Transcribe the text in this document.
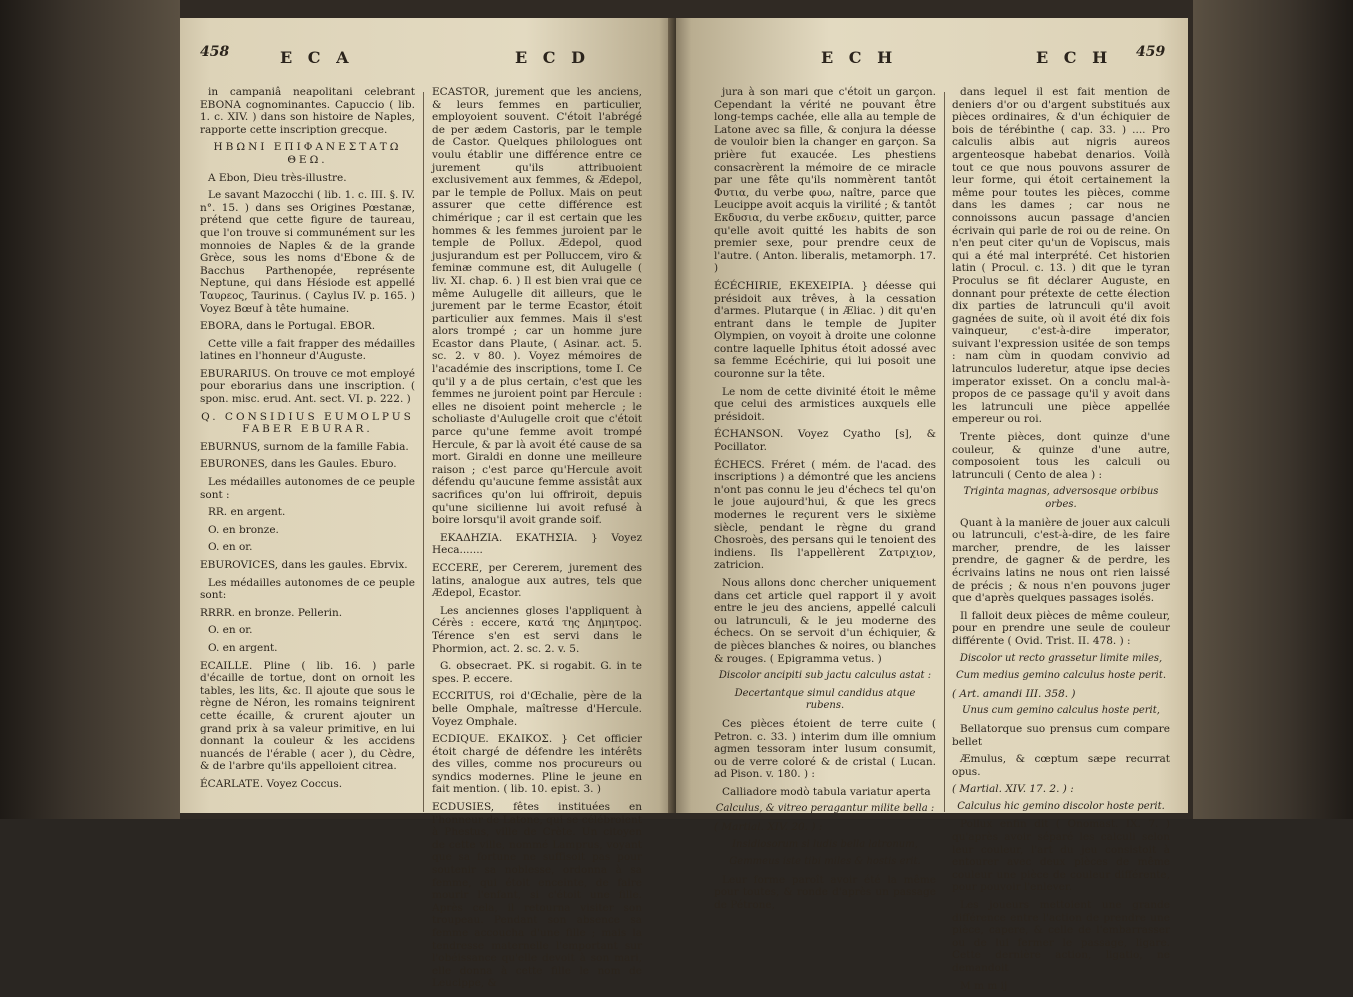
458	E C A	E C D

in campaniâ neapolitani celebrant EBONA cognominantes. Capuccio ( lib. 1. c. XIV. ) dans son histoire de Naples, rapporte cette inscription grecque.

ΗΒΩΝΙ ΕΠΙΦΑΝΕΣΤΑΤΩ ΘΕΩ.

A Ebon, Dieu très-illustre.

Le savant Mazocchi ( lib. 1. c. III. §. IV. n°. 15. ) dans ses Origines Pœstanæ, prétend que cette figure de taureau, que l'on trouve si communément sur les monnoies de Naples & de la grande Grèce, sous les noms d'Ebone & de Bacchus Parthenopée, représente Neptune, qui dans Hésiode est appellé Ταυρεος, Taurinus. ( Caylus IV. p. 165. ) Voyez Bœuf à tête humaine.

EBORA, dans le Portugal. EBOR.

Cette ville a fait frapper des médailles latines en l'honneur d'Auguste.

EBURARIUS. On trouve ce mot employé pour eborarius dans une inscription. ( spon. misc. erud. Ant. sect. VI. p. 222. )

Q. CONSIDIUS EUMOLPUS FABER EBURAR.

EBURNUS, surnom de la famille Fabia.

EBURONES, dans les Gaules. Eburo.

Les médailles autonomes de ce peuple sont :

RR. en argent.

O. en bronze.

O. en or.

EBUROVICES, dans les gaules. Ebrvix.

Les médailles autonomes de ce peuple sont:

RRRR. en bronze. Pellerin.

O. en or.

O. en argent.

ECAILLE. Pline ( lib. 16. ) parle d'écaille de tortue, dont on ornoit les tables, les lits, &c. Il ajoute que sous le règne de Néron, les romains teignirent cette écaille, & crurent ajouter un grand prix à sa valeur primitive, en lui donnant la couleur & les accidens nuancés de l'érable ( acer ), du Cèdre, & de l'arbre qu'ils appelloient citrea.

ÉCARLATE. Voyez Coccus.

ECASTOR, jurement que les anciens, & leurs femmes en particulier, employoient souvent. C'étoit l'abrégé de per ædem Castoris, par le temple de Castor. Quelques philologues ont voulu établir une différence entre ce jurement qu'ils attribuoient exclusivement aux femmes, & Ædepol, par le temple de Pollux. Mais on peut assurer que cette différence est chimérique ; car il est certain que les hommes & les femmes juroient par le temple de Pollux. Ædepol, quod jusjurandum est per Polluccem, viro & feminæ commune est, dit Aulugelle ( liv. XI. chap. 6. ) Il est bien vrai que ce même Aulugelle dit ailleurs, que le jurement par le terme Ecastor, étoit particulier aux femmes. Mais il s'est alors trompé ; car un homme jure Ecastor dans Plaute, ( Asinar. act. 5. sc. 2. v 80. ). Voyez mémoires de l'académie des inscriptions, tome I. Ce qu'il y a de plus certain, c'est que les femmes ne juroient point par Hercule : elles ne disoient point mehercle ; le scholiaste d'Aulugelle croit que c'étoit parce qu'une femme avoit trompé Hercule, & par là avoit été cause de sa mort. Giraldi en donne une meilleure raison ; c'est parce qu'Hercule avoit défendu qu'aucune femme assistât aux sacrifices qu'on lui offriroit, depuis qu'une sicilienne lui avoit refusé à boire lorsqu'il avoit grande soif.

ΕΚΑΔΗΖΙΑ. ΕΚΑΤΗΣΙΑ. } Voyez Heca.......

ECCERE, per Cererem, jurement des latins, analogue aux autres, tels que Ædepol, Ecastor.

Les anciennes gloses l'appliquent à Cérès : eccere, κατά της Δημητρος. Térence s'en est servi dans le Phormion, act. 2. sc. 2. v. 5.

G. obsecraet. PK. si rogabit. G. in te spes. P. eccere.

ECCRITUS, roi d'Œchalie, père de la belle Omphale, maîtresse d'Hercule. Voyez Omphale.

ECDIQUE. ΕΚΔΙΚΟΣ. } Cet officier étoit chargé de défendre les intérêts des villes, comme nos procureurs ou syndics modernes. Pline le jeune en fait mention. ( lib. 10. epist. 3. )

ECDUSIES, fêtes instituées en l'honneur de Latone, qui se célébroient à Phestus, ville de Crète. Un citoyen de cette ville, nommé Lamprus, voyant que sa fortune ne suffisoit pas pour soutenir sa noblesse, ordonna à sa femme, qui étoit enceinte, de faire mourir l'enfant, si c'étoit une fille. Après cela, il retourna visiter son troupeau. Pendant son absence sa femme accoucha d'une fille ; mais la tendresse maternelle l'emportant sur l'obéissance qu'elle devoit à son mari, elle donna à cette fille le nom de Leucippe, &

E C H	E C H 459

jura à son mari que c'étoit un garçon. Cependant la vérité ne pouvant être long-temps cachée, elle alla au temple de Latone avec sa fille, & conjura la déesse de vouloir bien la changer en garçon. Sa prière fut exaucée. Les phestiens consacrèrent la mémoire de ce miracle par une fête qu'ils nommèrent tantôt Φυτια, du verbe φυω, naître, parce que Leucippe avoit acquis la virilité ; & tantôt Εκδυσια, du verbe εκδυειν, quitter, parce qu'elle avoit quitté les habits de son premier sexe, pour prendre ceux de l'autre. ( Anton. liberalis, metamorph. 17. )

ÉCÉCHIRIE, ΕΚΕΧΕΙΡΙΑ. } déesse qui présidoit aux trêves, à la cessation d'armes. Plutarque ( in Æliac. ) dit qu'en entrant dans le temple de Jupiter Olympien, on voyoit à droite une colonne contre laquelle Iphitus étoit adossé avec sa femme Ecéchirie, qui lui posoit une couronne sur la tête.

Le nom de cette divinité étoit le même que celui des armistices auxquels elle présidoit.

ÉCHANSON. Voyez Cyatho [s], & Pocillator.

ÉCHECS. Fréret ( mém. de l'acad. des inscriptions ) a démontré que les anciens n'ont pas connu le jeu d'échecs tel qu'on le joue aujourd'hui, & que les grecs modernes le reçurent vers le sixième siècle, pendant le règne du grand Chosroès, des persans qui le tenoient des indiens. Ils l'appellèrent Ζατριχιον, zatricion.

Nous allons donc chercher uniquement dans cet article quel rapport il y avoit entre le jeu des anciens, appellé calculi ou latrunculi, & le jeu moderne des échecs. On se servoit d'un échiquier, & de pièces blanches & noires, ou blanches & rouges. ( Epigramma vetus. )

Discolor ancipiti sub jactu calculus astat :

Decertantque simul candidus atque rubens.

Ces pièces étoient de terre cuite ( Petron. c. 33. ) interim dum ille omnium agmen tessoram inter lusum consumit, ou de verre coloré & de cristal ( Lucan. ad Pison. v. 180. ) :

Calliadore modò tabula variatur aperta

Calculus, & vitreo peragantur milite bella :

( Martial. XIV. 20. ) :

Insidiosorum si ludis bella latronum,

Gemmeus iste tibi miles & hostis erit.

Leur forme paroît avoir été la même pour toutes, & ronde d'après un passage de Pétrone,

dans lequel il est fait mention de deniers d'or ou d'argent substitués aux pièces ordinaires, & d'un échiquier de bois de térébinthe ( cap. 33. ) .... Pro calculis albis aut nigris aureos argenteosque habebat denarios. Voilà tout ce que nous pouvons assurer de leur forme, qui étoit certainement la même pour toutes les pièces, comme dans les dames ; car nous ne connoissons aucun passage d'ancien écrivain qui parle de roi ou de reine. On n'en peut citer qu'un de Vopiscus, mais qui a été mal interprété. Cet historien latin ( Procul. c. 13. ) dit que le tyran Proculus se fit déclarer Auguste, en donnant pour prétexte de cette élection dix parties de latrunculi qu'il avoit gagnées de suite, où il avoit été dix fois vainqueur, c'est-à-dire imperator, suivant l'expression usitée de son temps : nam cùm in quodam convivio ad latrunculos luderetur, atque ipse decies imperator exisset. On a conclu mal-à-propos de ce passage qu'il y avoit dans les latrunculi une pièce appellée empereur ou roi.

Trente pièces, dont quinze d'une couleur, & quinze d'une autre, composoient tous les calculi ou latrunculi ( Cento de alea ) :

Triginta magnas, adversosque orbibus orbes.

Quant à la manière de jouer aux calculi ou latrunculi, c'est-à-dire, de les faire marcher, prendre, de les laisser prendre, de gagner & de perdre, les écrivains latins ne nous ont rien laissé de précis ; & nous n'en pouvons juger que d'après quelques passages isolés.

Il falloit deux pièces de même couleur, pour en prendre une seule de couleur différente ( Ovid. Trist. II. 478. ) :

Discolor ut recto grassetur limite miles,

Cum medius gemino calculus hoste perit.

( Art. amandi III. 358. )

Unus cum gemino calculus hoste perit,

Bellatorque suo prensus cum compare bellet

Æmulus, & cœptum sæpe recurrat opus.

( Martial. XIV. 17. 2. ) :

Calculus hic gemino discolor hoste perit.

Pollux enfin dit ( Onomast. IX. 7. ) qu'après avoir séparé les calculi selon leur couleur, l'art du jeu consistoit à entourer avec deux pièces de même couleur une pièce de couleur différente, pour pouvoir l'enlever.

Les joueurs mettoient une grande différence entre l'action de prendre une pièce, capere, & celle de l'embarrasser ou de lui fermer le passage, ligare. Cette dernière action, ligatio, ne demandoit

M m m ij
